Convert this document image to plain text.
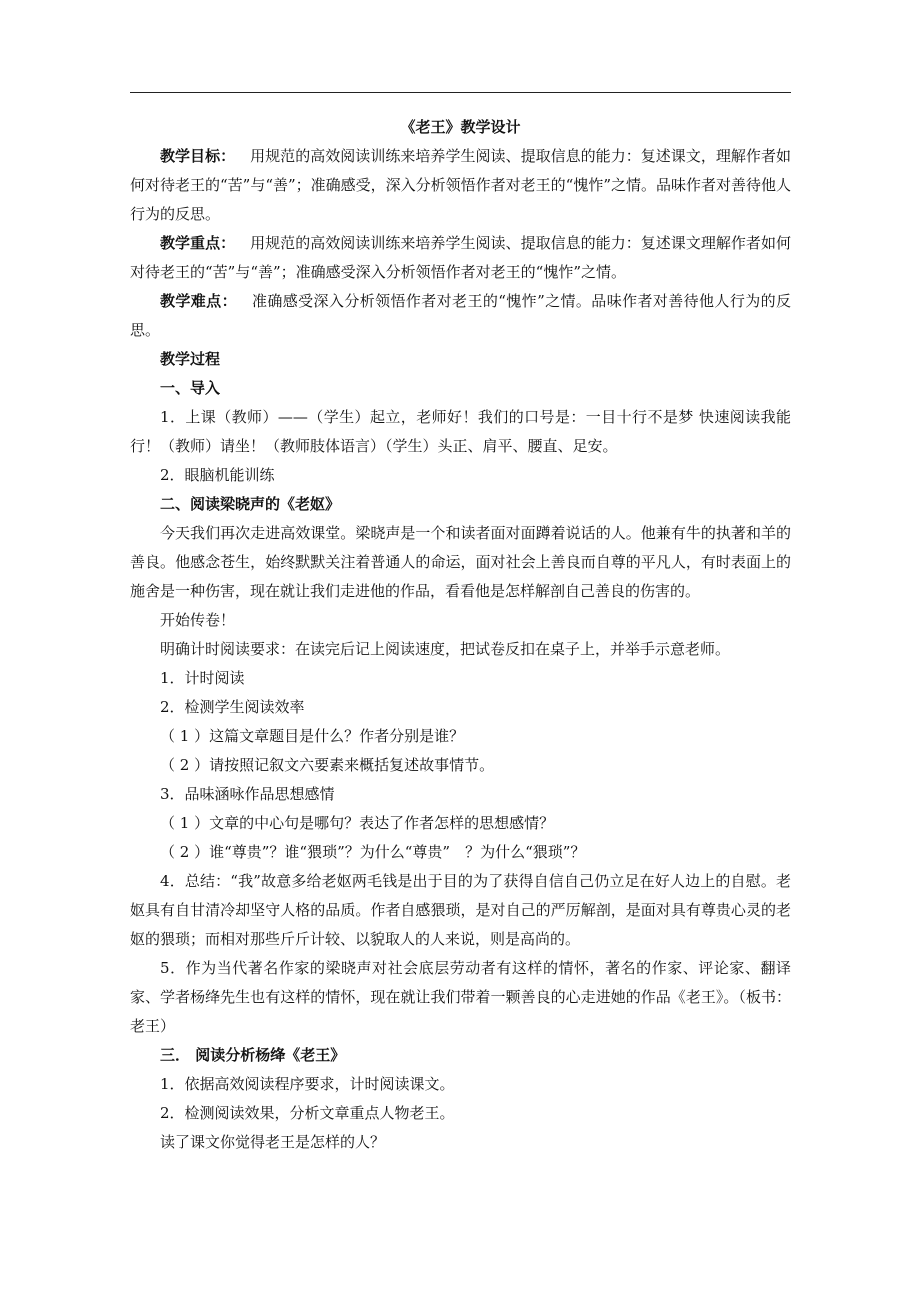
《老王》教学设计

教学目标： 用规范的高效阅读训练来培养学生阅读、提取信息的能力：复述课文，理解作者如何对待老王的“苦”与“善”；准确感受，深入分析领悟作者对老王的“愧怍”之情。品味作者对善待他人行为的反思。

教学重点： 用规范的高效阅读训练来培养学生阅读、提取信息的能力：复述课文理解作者如何对待老王的“苦”与“善”；准确感受深入分析领悟作者对老王的“愧怍”之情。

教学难点： 准确感受深入分析领悟作者对老王的“愧怍”之情。品味作者对善待他人行为的反思。

教学过程

一、导入

1．上课（教师）——（学生）起立，老师好！我们的口号是：一目十行不是梦 快速阅读我能行！（教师）请坐！（教师肢体语言）（学生）头正、肩平、腰直、足安。

2．眼脑机能训练

二、阅读梁晓声的《老妪》

今天我们再次走进高效课堂。梁晓声是一个和读者面对面蹲着说话的人。他兼有牛的执著和羊的善良。他感念苍生，始终默默关注着普通人的命运，面对社会上善良而自尊的平凡人，有时表面上的施舍是一种伤害，现在就让我们走进他的作品，看看他是怎样解剖自己善良的伤害的。

开始传卷！

明确计时阅读要求：在读完后记上阅读速度，把试卷反扣在桌子上，并举手示意老师。

1．计时阅读

2．检测学生阅读效率

（ 1 ）这篇文章题目是什么？作者分别是谁？

（ 2 ）请按照记叙文六要素来概括复述故事情节。

3．品味涵咏作品思想感情

（ 1 ）文章的中心句是哪句？表达了作者怎样的思想感情？

（ 2 ）谁“尊贵”？谁“猥琐”？为什么“尊贵”　？为什么“猥琐”？

4．总结：“我”故意多给老妪两毛钱是出于目的为了获得自信自己仍立足在好人边上的自慰。老妪具有自甘清冷却坚守人格的品质。作者自感猥琐，是对自己的严厉解剖，是面对具有尊贵心灵的老妪的猥琐；而相对那些斤斤计较、以貌取人的人来说，则是高尚的。

5．作为当代著名作家的梁晓声对社会底层劳动者有这样的情怀，著名的作家、评论家、翻译家、学者杨绛先生也有这样的情怀，现在就让我们带着一颗善良的心走进她的作品《老王》。（板书：老王）

三． 阅读分析杨绛《老王》

1．依据高效阅读程序要求，计时阅读课文。

2．检测阅读效果，分析文章重点人物老王。

读了课文你觉得老王是怎样的人？
